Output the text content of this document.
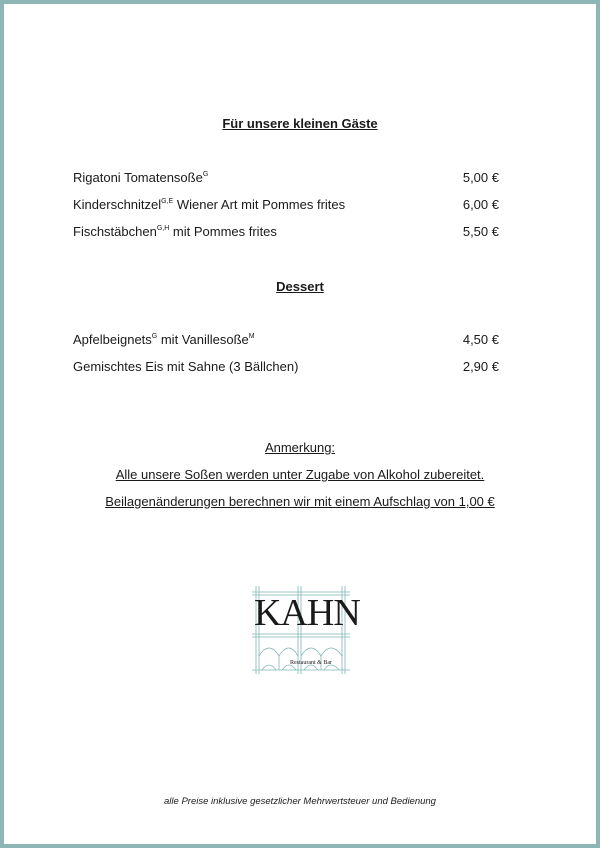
Für unsere kleinen Gäste
Rigatoni Tomatensoße$^G$	5,00 €
Kinderschnitzel$^{G,E}$ Wiener Art mit Pommes frites	6,00 €
Fischstäbchen$^{G,H}$ mit Pommes frites	5,50 €
Dessert
Apfelbeignets$^G$ mit Vanillesoße$^M$	4,50 €
Gemischtes Eis mit Sahne (3 Bällchen)	2,90 €
Anmerkung:
Alle unsere Soßen werden unter Zugabe von Alkohol zubereitet.
Beilagenänderungen berechnen wir mit einem Aufschlag von 1,00 €
KAHN
Restaurant & Bar
alle Preise inklusive gesetzlicher Mehrwertsteuer und Bedienung
